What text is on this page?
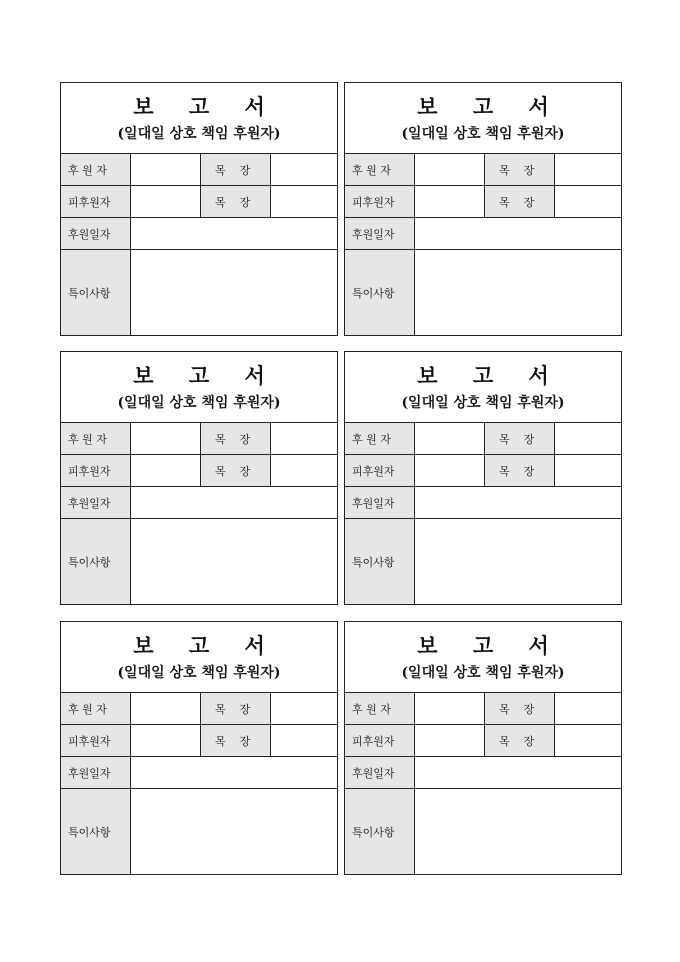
보 고 서
(일대일 상호 책임 후원자)
후 원 자	목    장
피후원자	목    장
후원일자
특이사항
보 고 서
(일대일 상호 책임 후원자)
후 원 자	목    장
피후원자	목    장
후원일자
특이사항
보 고 서
(일대일 상호 책임 후원자)
후 원 자	목    장
피후원자	목    장
후원일자
특이사항
보 고 서
(일대일 상호 책임 후원자)
후 원 자	목    장
피후원자	목    장
후원일자
특이사항
보 고 서
(일대일 상호 책임 후원자)
후 원 자	목    장
피후원자	목    장
후원일자
특이사항
보 고 서
(일대일 상호 책임 후원자)
후 원 자	목    장
피후원자	목    장
후원일자
특이사항
